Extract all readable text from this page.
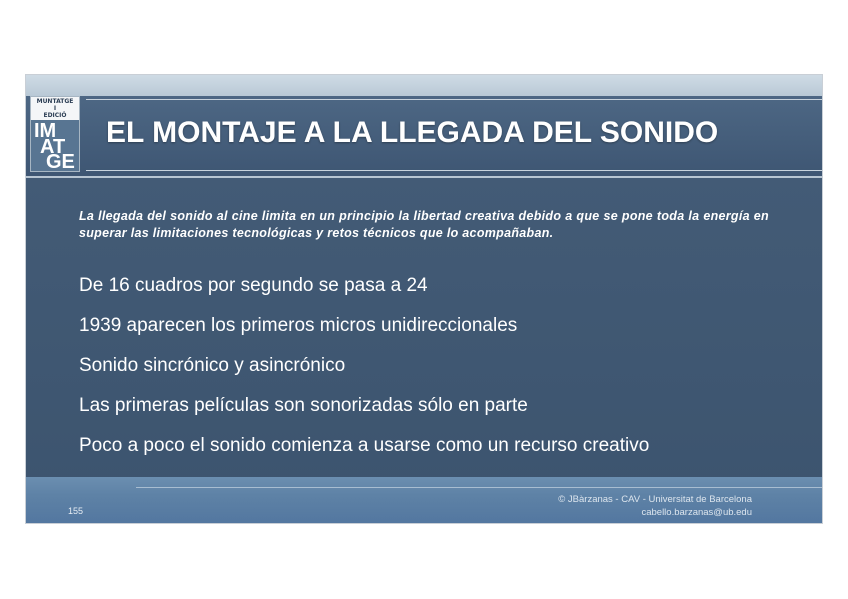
MUNTATGE
I
EDICIÓ
IM
AT
GE
EL MONTAJE A LA LLEGADA DEL SONIDO
La llegada del sonido al cine limita en un principio la libertad creativa debido a que se pone toda la energía en superar las limitaciones tecnológicas y retos técnicos que lo acompañaban.
De 16 cuadros por segundo se pasa a 24
1939 aparecen los primeros micros unidireccionales
Sonido sincrónico y asincrónico
Las primeras películas son sonorizadas sólo en parte
Poco a poco el sonido comienza a usarse como un recurso creativo
155
© JBàrzanas - CAV - Universitat de Barcelona
cabello.barzanas@ub.edu
